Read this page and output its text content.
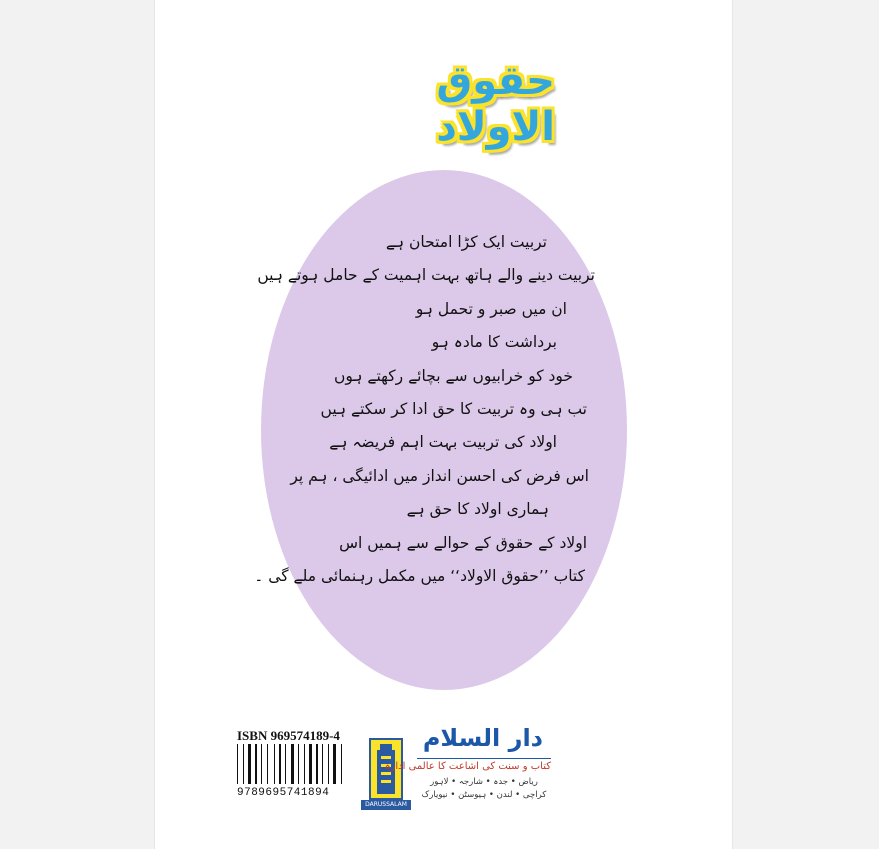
حقوق الاولاد
تربیت ایک کڑا امتحان ہے
تربیت دینے والے ہاتھ بہت اہمیت کے حامل ہوتے ہیں
ان میں صبر و تحمل ہو
برداشت کا مادہ ہو
خود کو خرابیوں سے بچائے رکھتے ہوں
تب ہی وہ تربیت کا حق ادا کر سکتے ہیں
اولاد کی تربیت بہت اہم فریضہ ہے
اس فرض کی احسن انداز میں ادائیگی ، ہم پر
ہماری اولاد کا حق ہے
اولاد کے حقوق کے حوالے سے ہمیں اس
کتاب ’’حقوق الاولاد‘‘ میں مکمل رہنمائی ملے گی ۔
ISBN 969574189-4
9789695741894
DARUSSALAM
دار السلام
کتاب و سنت کی اشاعت کا عالمی ادارہ
ریاض • جدہ • شارجہ • لاہور
کراچی • لندن • ہیوسٹن • نیویارک
